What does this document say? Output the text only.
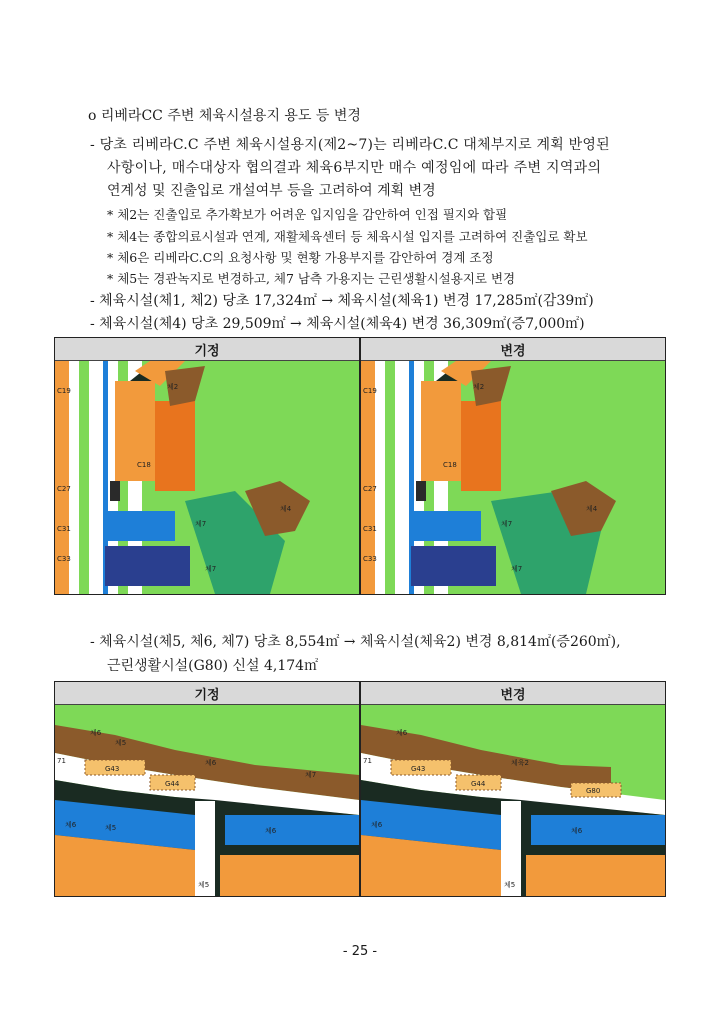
o 리베라CC 주변 체육시설용지 용도 등 변경
- 당초 리베라C.C 주변 체육시설용지(제2~7)는 리베라C.C 대체부지로 계획 반영된
사항이나, 매수대상자 협의결과 체육6부지만 매수 예정임에 따라 주변 지역과의
연계성 및 진출입로 개설여부 등을 고려하여 계획 변경
* 체2는 진출입로 추가확보가 어려운 입지임을 감안하여 인접 필지와 합필
* 체4는 종합의료시설과 연계, 재활체육센터 등 체육시설 입지를 고려하여 진출입로 확보
* 체6은 리베라C.C의 요청사항 및 현황 가용부지를 감안하여 경계 조정
* 체5는 경관녹지로 변경하고, 체7 남측 가용지는 근린생활시설용지로 변경
- 체육시설(체1, 체2) 당초 17,324㎡ → 체육시설(체육1) 변경 17,285㎡(감39㎡)
- 체육시설(체4) 당초 29,509㎡ → 체육시설(체육4) 변경 36,309㎡(증7,000㎡)
기정	변경
C19
C18
체2
체4
체7
체7
C27
C31
C33
C19
C18
체2
체4
체7
체7
C27
C31
C33
- 체육시설(체5, 체6, 체7) 당초 8,554㎡ → 체육시설(체육2) 변경 8,814㎡(증260㎡),
근린생활시설(G80) 신설 4,174㎡
기정	변경
체5
체6
체6
체7
G43
G44
체6
체6
체5
71
체5
체6
71
G43
G44
체육2
G80
체6
체6
체5
- 25 -
